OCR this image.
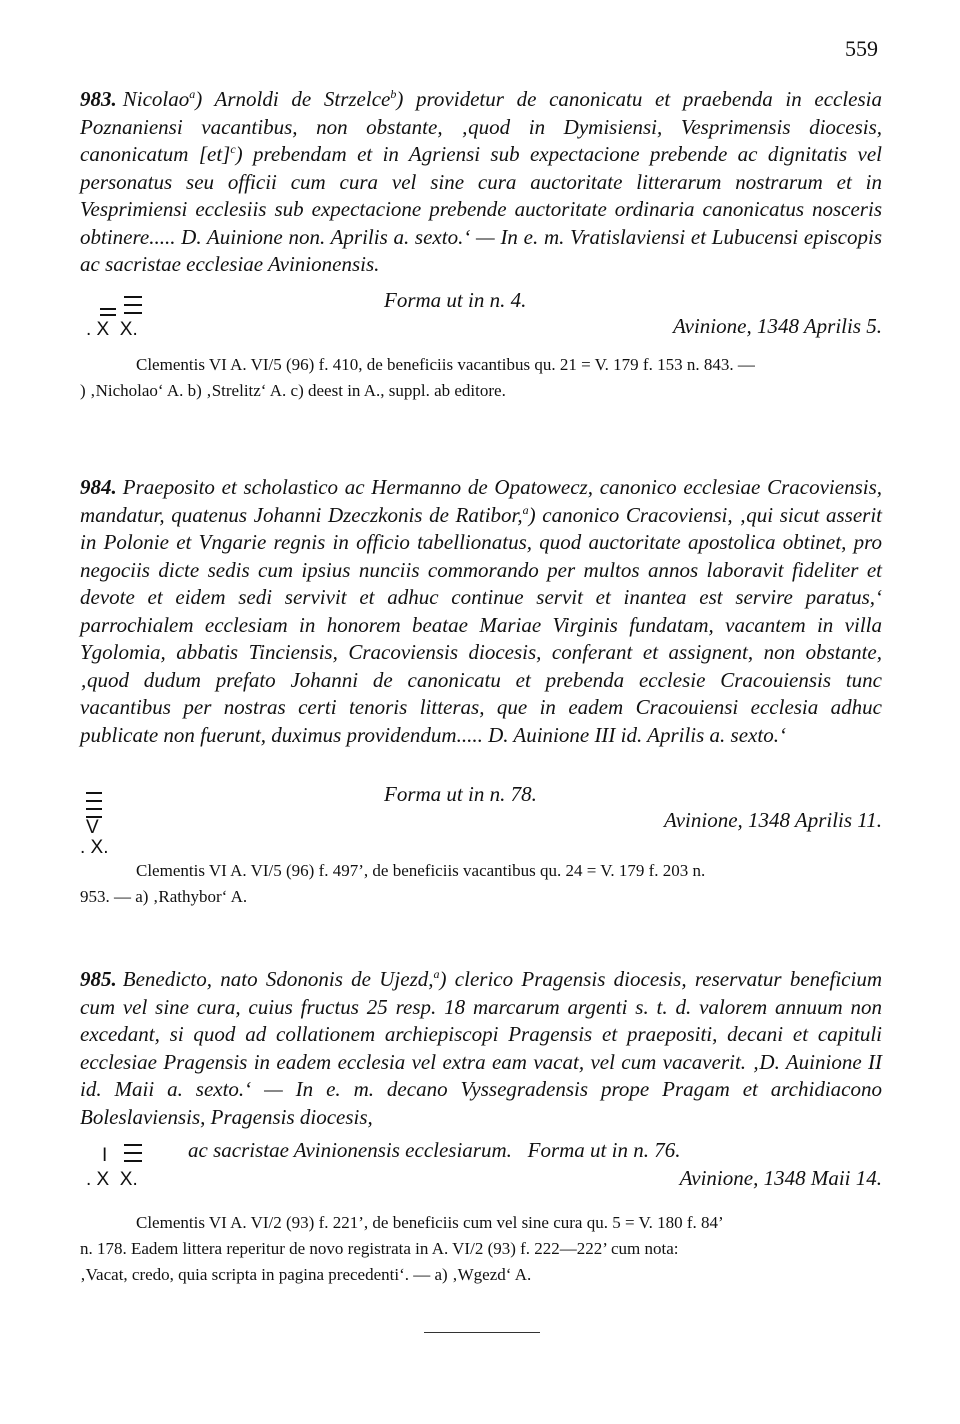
559

983. Nicolao$^a$) Arnoldi de Strzelce$^b$) providetur de canonicatu et praebenda in ecclesia Poznaniensi vacantibus, non obstante, ‚quod in Dymisiensi, Vesprimensis diocesis, canonicatum [et]$^c$) prebendam et in Agriensi sub expectacione prebende ac dignitatis vel personatus seu officii cum cura vel sine cura auctoritate litterarum nostrarum et in Vesprimiensi ecclesiis sub expectacione prebende auctoritate ordinaria canonicatus nosceris obtinere..... D. Auinione non. Aprilis a. sexto.‘ — In e. m. Vratislaviensi et Lubucensi episcopis ac sacristae ecclesiae Avinionensis.

. X  X.
Forma ut in n. 4.
Avinione, 1348 Aprilis 5.

Clementis VI A. VI/5 (96) f. 410, de beneficiis vacantibus qu. 21 = V. 179 f. 153 n. 843. —

) ‚Nicholao‘ A. b) ‚Strelitz‘ A. c) deest in A., suppl. ab editore.

984. Praeposito et scholastico ac Hermanno de Opatowecz, canonico ecclesiae Cracoviensis, mandatur, quatenus Johanni Dzeczkonis de Ratibor,$^a$) canonico Cracoviensi, ‚qui sicut asserit in Polonie et Vngarie regnis in officio tabellionatus, quod auctoritate apostolica obtinet, pro negociis dicte sedis cum ipsius nunciis commorando per multos annos laboravit fideliter et devote et eidem sedi servivit et adhuc continue servit et inantea est servire paratus,‘ parrochialem ecclesiam in honorem beatae Mariae Virginis fundatam, vacantem in villa Ygolomia, abbatis Tinciensis, Cracoviensis diocesis, conferant et assignent, non obstante, ‚quod dudum prefato Johanni de canonicatu et prebenda ecclesie Cracouiensis tunc vacantibus per nostras certi tenoris litteras, que in eadem Cracouiensi ecclesia adhuc publicate non fuerunt, duximus providendum..... D. Auinione III id. Aprilis a. sexto.‘

V
. X.
Forma ut in n. 78.
Avinione, 1348 Aprilis 11.

Clementis VI A. VI/5 (96) f. 497’, de beneficiis vacantibus qu. 24 = V. 179 f. 203 n.

953. — a) ‚Rathybor‘ A.

985. Benedicto, nato Sdononis de Ujezd,$^a$) clerico Pragensis diocesis, reservatur beneficium cum vel sine cura, cuius fructus 25 resp. 18 marcarum argenti s. t. d. valorem annuum non excedant, si quod ad collationem archiepiscopi Pragensis et praepositi, decani et capituli ecclesiae Pragensis in eadem ecclesia vel extra eam vacat, vel cum vacaverit. ‚D. Auinione II id. Maii a. sexto.‘ — In e. m. decano Vyssegradensis prope Pragam et archidiacono Boleslaviensis, Pragensis diocesis,

I
. X  X.
ac sacristae Avinionensis ecclesiarum.   Forma ut in n. 76.
Avinione, 1348 Maii 14.

Clementis VI A. VI/2 (93) f. 221’, de beneficiis cum vel sine cura qu. 5 = V. 180 f. 84’

n. 178. Eadem littera reperitur de novo registrata in A. VI/2 (93) f. 222—222’ cum nota:

‚Vacat, credo, quia scripta in pagina precedenti‘. — a) ‚Wgezd‘ A.
